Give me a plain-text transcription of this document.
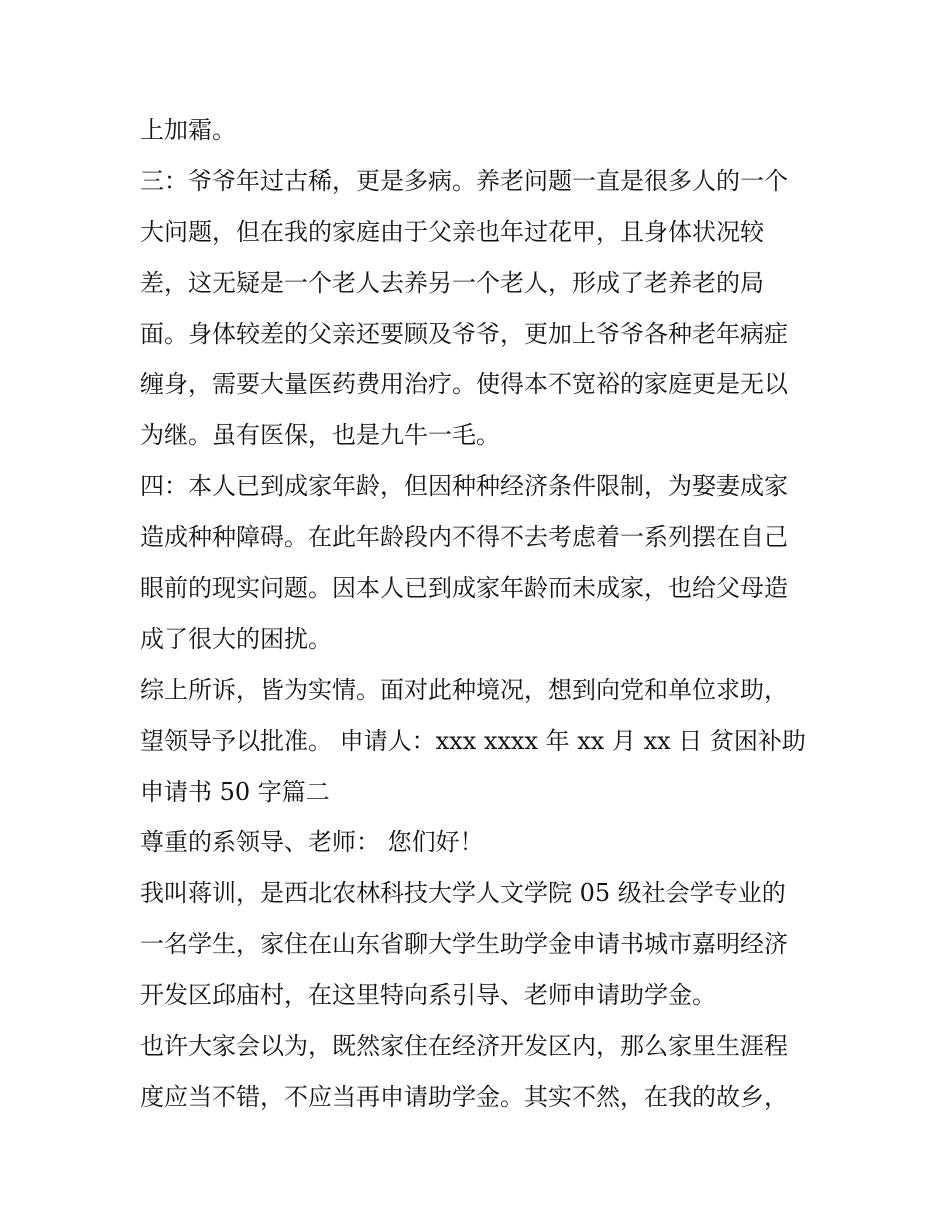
上加霜。
三：爷爷年过古稀，更是多病。养老问题一直是很多人的一个
大问题，但在我的家庭由于父亲也年过花甲，且身体状况较
差，这无疑是一个老人去养另一个老人，形成了老养老的局
面。身体较差的父亲还要顾及爷爷，更加上爷爷各种老年病症
缠身，需要大量医药费用治疗。使得本不宽裕的家庭更是无以
为继。虽有医保，也是九牛一毛。
四：本人已到成家年龄，但因种种经济条件限制，为娶妻成家
造成种种障碍。在此年龄段内不得不去考虑着一系列摆在自己
眼前的现实问题。因本人已到成家年龄而未成家，也给父母造
成了很大的困扰。
综上所诉，皆为实情。面对此种境况，想到向党和单位求助，
望领导予以批准。 申请人：xxx xxxx 年 xx 月 xx 日 贫困补助
申请书 50 字篇二
尊重的系领导、老师： 您们好！
我叫蒋训，是西北农林科技大学人文学院 05 级社会学专业的
一名学生，家住在山东省聊大学生助学金申请书城市嘉明经济
开发区邱庙村，在这里特向系引导、老师申请助学金。
也许大家会以为，既然家住在经济开发区内，那么家里生涯程
度应当不错，不应当再申请助学金。其实不然，在我的故乡，
